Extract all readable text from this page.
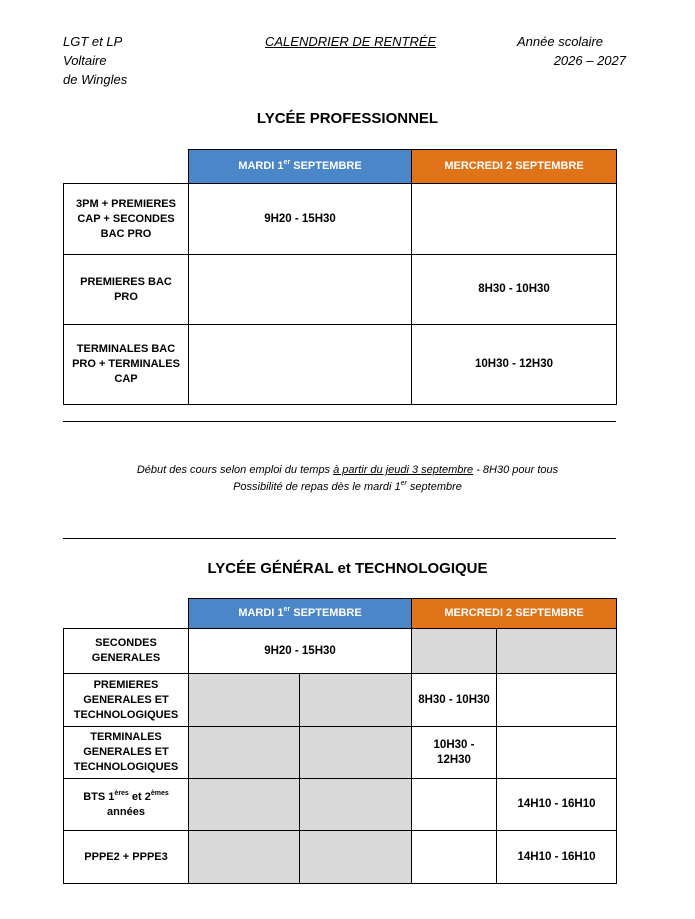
LGT et LP
Voltaire
de Wingles
CALENDRIER DE RENTRÉE	Année scolaire
2026 – 2027
LYCÉE PROFESSIONNEL
	MARDI 1er SEPTEMBRE	MERCREDI 2 SEPTEMBRE
3PM + PREMIERES CAP + SECONDES BAC PRO	9H20 - 15H30	
PREMIERES BAC PRO		8H30 - 10H30
TERMINALES BAC PRO + TERMINALES CAP		10H30 - 12H30
Début des cours selon emploi du temps à partir du jeudi 3 septembre - 8H30 pour tous
Possibilité de repas dès le mardi 1er septembre
LYCÉE GÉNÉRAL et TECHNOLOGIQUE
	MARDI 1er SEPTEMBRE		MERCREDI 2 SEPTEMBRE	
SECONDES GENERALES	9H20 - 15H30			
PREMIERES GENERALES ET TECHNOLOGIQUES			8H30 - 10H30	
TERMINALES GENERALES ET TECHNOLOGIQUES			10H30 - 12H30	
BTS 1ères et 2èmes années				14H10 - 16H10
PPPE2 + PPPE3				14H10 - 16H10
